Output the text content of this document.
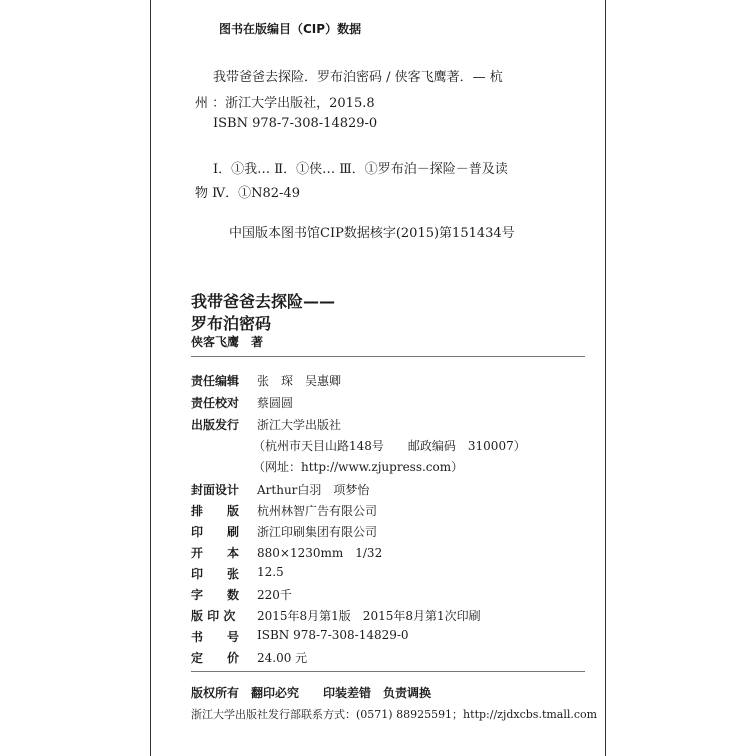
图书在版编目（CIP）数据
我带爸爸去探险．罗布泊密码 / 侠客飞鹰著．— 杭
州 ：浙江大学出版社，2015.8
ISBN 978-7-308-14829-0
Ⅰ．①我… Ⅱ．①侠… Ⅲ．①罗布泊－探险－普及读
物 Ⅳ．①N82-49
中国版本图书馆CIP数据核字(2015)第151434号
我带爸爸去探险——
罗布泊密码
侠客飞鹰　著
责任编辑 张　琛　吴惠卿
责任校对 蔡圆圆
出版发行 浙江大学出版社
（杭州市天目山路148号　　邮政编码　310007）
（网址：http://www.zjupress.com）
封面设计 Arthur白羽　项梦怡
排　　版 杭州林智广告有限公司
印　　刷 浙江印刷集团有限公司
开　　本 880×1230mm　1/32
印　　张 12.5
字　　数 220千
版 印 次 2015年8月第1版　2015年8月第1次印刷
书　　号 ISBN 978-7-308-14829-0
定　　价 24.00 元
版权所有　翻印必究　　印装差错　负责调换
浙江大学出版社发行部联系方式：(0571) 88925591；http://zjdxcbs.tmall.com
